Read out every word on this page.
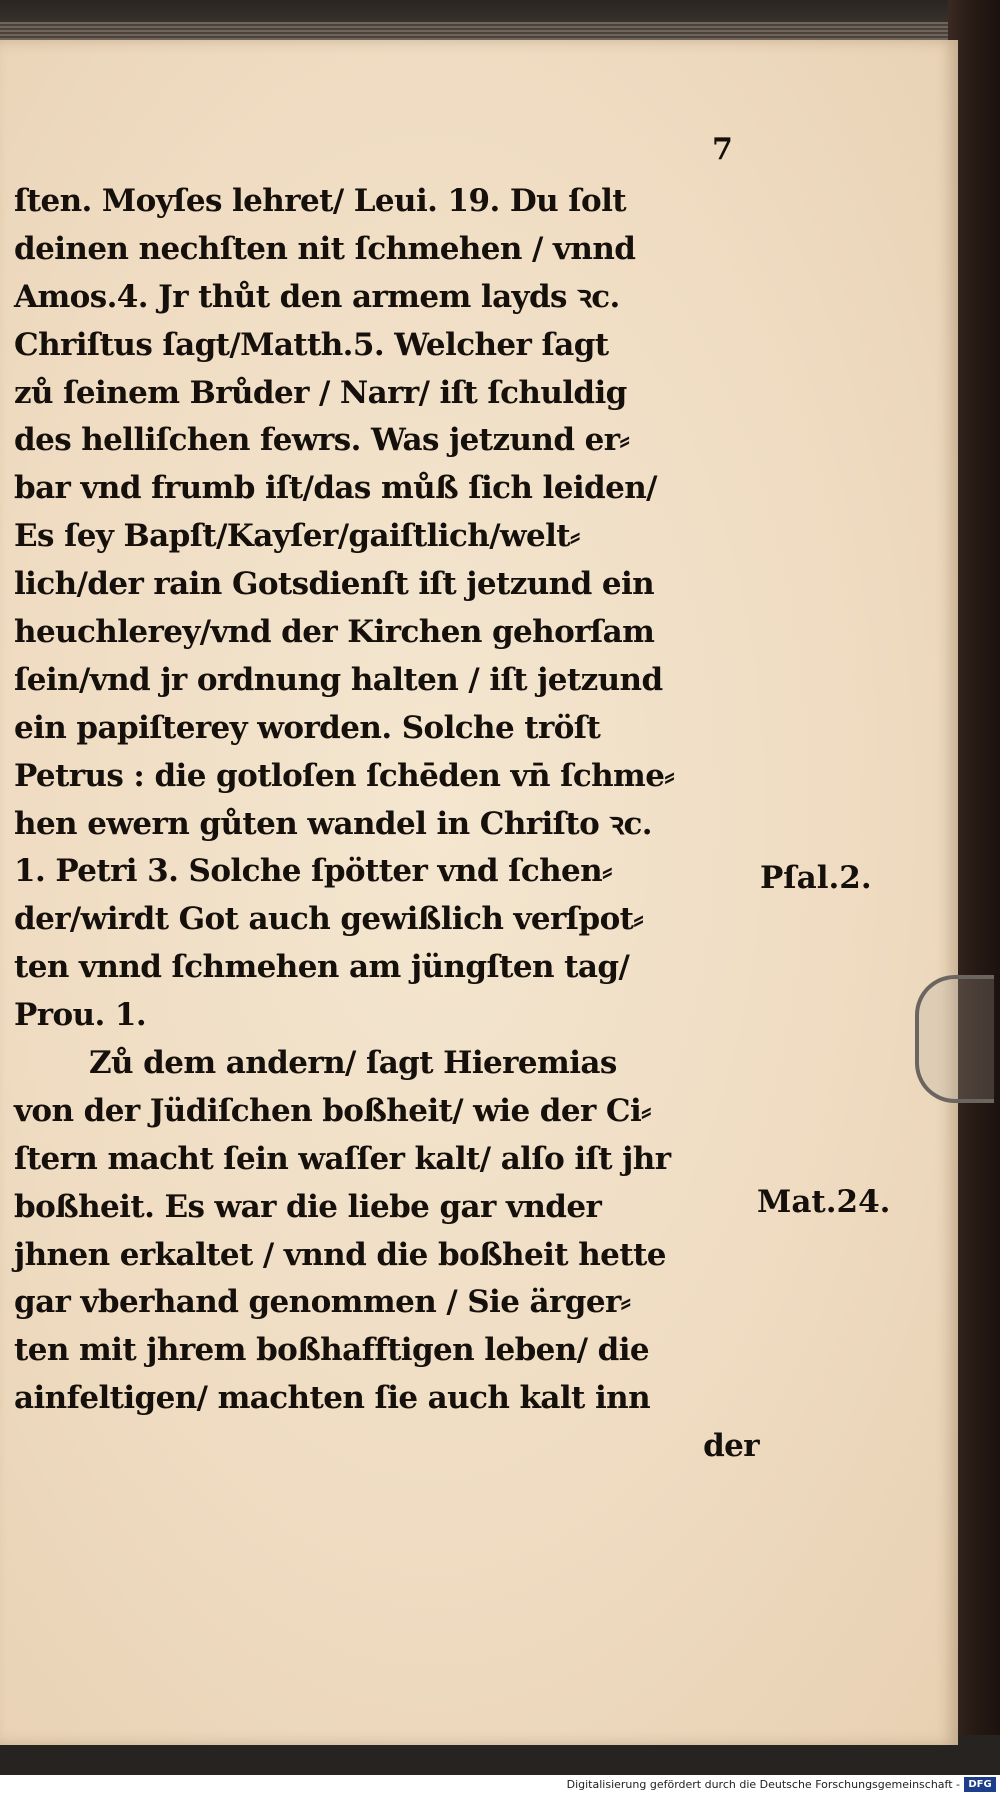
7
ſten. Moyſes lehret/ Leui. 19. Du ſolt
deinen nechſten nit ſchmehen / vnnd
Amos.4. Jr thůt den armem layds ꝛc.
Chriſtus ſagt/Matth.5. Welcher ſagt
zů ſeinem Brůder / Narr/ iſt ſchuldig
des helliſchen fewrs. Was jetzund er⸗
bar vnd frumb iſt/das můß ſich leiden/
Es ſey Bapſt/Kayſer/gaiſtlich/welt⸗
lich/der rain Gotsdienſt iſt jetzund ein
heuchlerey/vnd der Kirchen gehorſam
ſein/vnd jr ordnung halten / iſt jetzund
ein papiſterey worden. Solche tröſt
Petrus : die gotloſen ſchēden vn̄ ſchme⸗
hen ewern gůten wandel in Chriſto ꝛc.
1. Petri 3. Solche ſpötter vnd ſchen⸗
der/wirdt Got auch gewißlich verſpot⸗
ten vnnd ſchmehen am jüngſten tag/
Prou. 1.
Zů dem andern/ ſagt Hieremias
von der Jüdiſchen boßheit/ wie der Ci⸗
ſtern macht ſein waſſer kalt/ alſo iſt jhr
boßheit. Es war die liebe gar vnder
jhnen erkaltet / vnnd die boßheit hette
gar vberhand genommen / Sie ärger⸗
ten mit jhrem boßhafftigen leben/ die
ainfeltigen/ machten ſie auch kalt inn
der
Pſal.2.
Mat.24.
Digitalisierung gefördert durch die Deutsche Forschungsgemeinschaft - DFG
